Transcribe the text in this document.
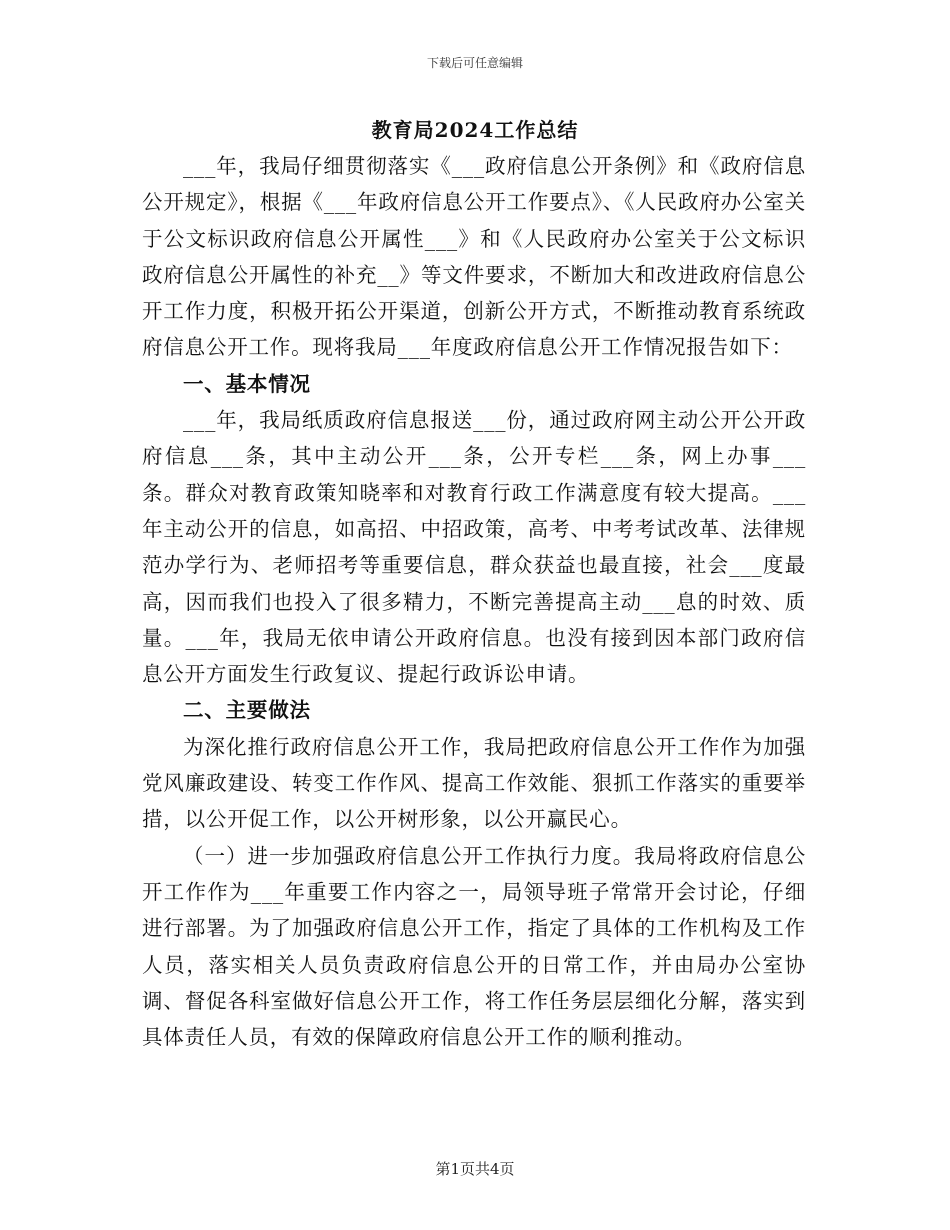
下载后可任意编辑
教育局2024工作总结

___年，我局仔细贯彻落实《___政府信息公开条例》和《政府信息公开规定》，根据《___年政府信息公开工作要点》、《人民政府办公室关于公文标识政府信息公开属性___》和《人民政府办公室关于公文标识政府信息公开属性的补充__》等文件要求，不断加大和改进政府信息公开工作力度，积极开拓公开渠道，创新公开方式，不断推动教育系统政府信息公开工作。现将我局___年度政府信息公开工作情况报告如下：

一、基本情况

___年，我局纸质政府信息报送___份，通过政府网主动公开公开政府信息___条，其中主动公开___条，公开专栏___条，网上办事___条。群众对教育政策知晓率和对教育行政工作满意度有较大提高。___年主动公开的信息，如高招、中招政策，高考、中考考试改革、法律规范办学行为、老师招考等重要信息，群众获益也最直接，社会___度最高，因而我们也投入了很多精力，不断完善提高主动___息的时效、质量。___年，我局无依申请公开政府信息。也没有接到因本部门政府信息公开方面发生行政复议、提起行政诉讼申请。

二、主要做法

为深化推行政府信息公开工作，我局把政府信息公开工作作为加强党风廉政建设、转变工作作风、提高工作效能、狠抓工作落实的重要举措，以公开促工作，以公开树形象，以公开赢民心。

（一）进一步加强政府信息公开工作执行力度。我局将政府信息公开工作作为___年重要工作内容之一，局领导班子常常开会讨论，仔细进行部署。为了加强政府信息公开工作，指定了具体的工作机构及工作人员，落实相关人员负责政府信息公开的日常工作，并由局办公室协调、督促各科室做好信息公开工作，将工作任务层层细化分解，落实到具体责任人员，有效的保障政府信息公开工作的顺利推动。

第1页共4页
